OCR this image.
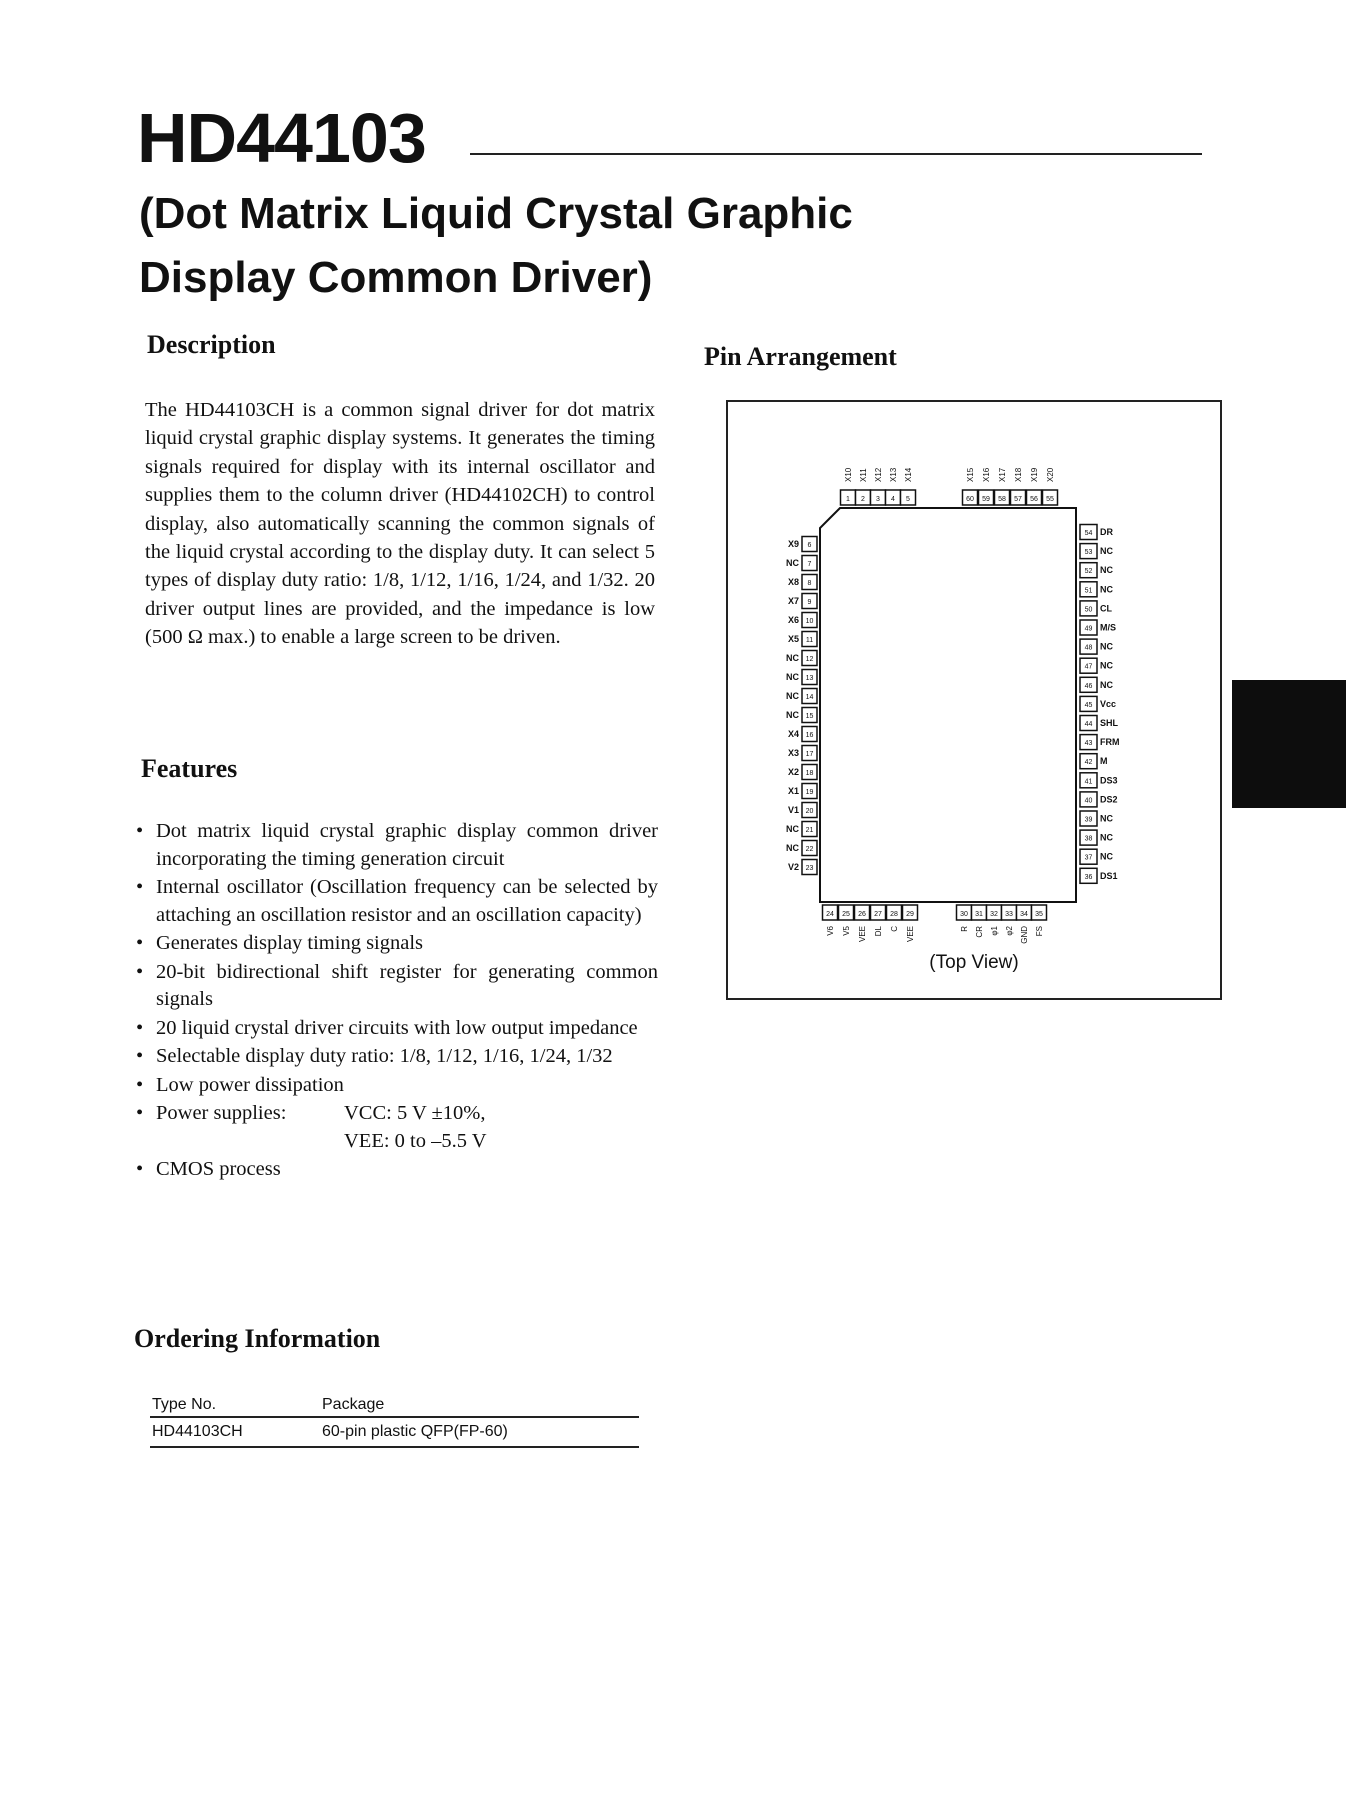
HD44103
(Dot Matrix Liquid Crystal Graphic
Display Common Driver)
Description

The HD44103CH is a common signal driver for dot matrix liquid crystal graphic display systems. It generates the timing signals required for display with its internal oscillator and supplies them to the column driver (HD44102CH) to control display, also automatically scanning the common signals of the liquid crystal according to the display duty. It can select 5 types of display duty ratio: 1/8, 1/12, 1/16, 1/24, and 1/32. 20 driver output lines are provided, and the impedance is low (500 Ω max.) to enable a large screen to be driven.

Features
• Dot matrix liquid crystal graphic display common driver incorporating the timing generation circuit
• Internal oscillator (Oscillation frequency can be selected by attaching an oscillation resistor and an oscillation capacity)
• Generates display timing signals
• 20-bit bidirectional shift register for generating common signals
• 20 liquid crystal driver circuits with low output impedance
• Selectable display duty ratio: 1/8, 1/12, 1/16, 1/24, 1/32
• Low power dissipation
• Power supplies:	VCC: 5 V ±10%,
VEE: 0 to –5.5 V
• CMOS process
Ordering Information
Type No.	Package
HD44103CH	60-pin plastic QFP(FP-60)
Pin Arrangement
(Top View)
1
X10
2
X11
3
X12
4
X13
5
X14
60
X15
59
X16
58
X17
57
X18
56
X19
55
X20
6
X9
7
NC
8
X8
9
X7
10
X6
11
X5
12
NC
13
NC
14
NC
15
NC
16
X4
17
X3
18
X2
19
X1
20
V1
21
NC
22
NC
23
V2
54 DR
53 NC
52 NC
51 NC
50 CL
49 M/S
48 NC
47 NC
46 NC
45 Vcc
44 SHL
43 FRM
42 M
41 DS3
40 DS2
39 NC
38 NC
37 NC
36 DS1
24
V6
25
V5
26
VEE
27
DL
28
C
29
VEE
30
R
31
CR
32
φ1
33
φ2
34
GND
35
FS
